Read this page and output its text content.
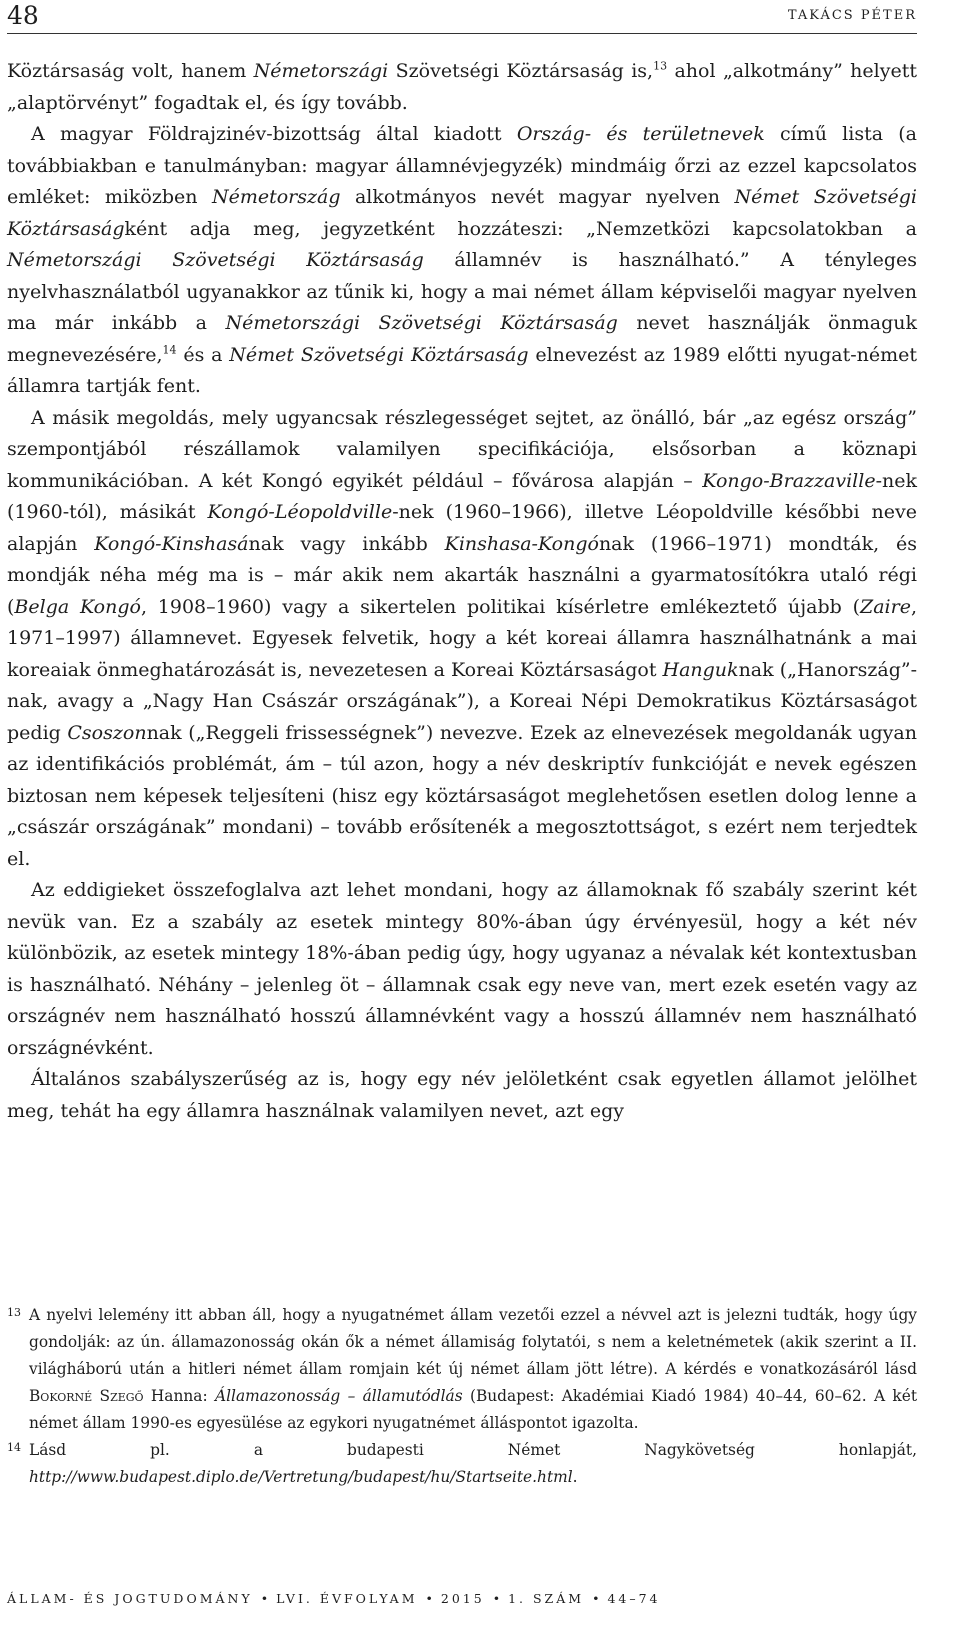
48	TAKÁCS PÉTER

Köztársaság volt, hanem Németországi Szövetségi Köztársaság is,$^{13}$ ahol „alkotmány” helyett „alaptörvényt” fogadtak el, és így tovább.

A magyar Földrajzinév-bizottság által kiadott Ország- és területnevek című lista (a továbbiakban e tanulmányban: magyar államnévjegyzék) mindmáig őrzi az ezzel kapcsolatos emléket: miközben Németország alkotmányos nevét magyar nyelven Német Szövetségi Köztársaságként adja meg, jegyzetként hozzáteszi: „Nemzetközi kapcsolatokban a Németországi Szövetségi Köztársaság államnév is használható.” A tényleges nyelvhasználatból ugyanakkor az tűnik ki, hogy a mai német állam képviselői magyar nyelven ma már inkább a Németországi Szövetségi Köztársaság nevet használják önmaguk megnevezésére,$^{14}$ és a Német Szövetségi Köztársaság elnevezést az 1989 előtti nyugat-német államra tartják fent.

A másik megoldás, mely ugyancsak részlegességet sejtet, az önálló, bár „az egész ország” szempontjából részállamok valamilyen specifikációja, elsősorban a köznapi kommunikációban. A két Kongó egyikét például – fővárosa alapján – Kongo-Brazzaville-nek (1960-tól), másikát Kongó-Léopoldville-nek (1960–1966), illetve Léopoldville későbbi neve alapján Kongó-Kinshasának vagy inkább Kinshasa-Kongónak (1966–1971) mondták, és mondják néha még ma is – már akik nem akarták használni a gyarmatosítókra utaló régi (Belga Kongó, 1908–1960) vagy a sikertelen politikai kísérletre emlékeztető újabb (Zaire, 1971–1997) államnevet. Egyesek felvetik, hogy a két koreai államra használhatnánk a mai koreaiak önmeghatározását is, nevezetesen a Koreai Köztársaságot Hanguknak („Hanország”-nak, avagy a „Nagy Han Császár országának”), a Koreai Népi Demokratikus Köztársaságot pedig Csoszonnak („Reggeli frissességnek”) nevezve. Ezek az elnevezések megoldanák ugyan az identifikációs problémát, ám – túl azon, hogy a név deskriptív funkcióját e nevek egészen biztosan nem képesek teljesíteni (hisz egy köztársaságot meglehetősen esetlen dolog lenne a „császár országának” mondani) – tovább erősítenék a megosztottságot, s ezért nem terjedtek el.

Az eddigieket összefoglalva azt lehet mondani, hogy az államoknak fő szabály szerint két nevük van. Ez a szabály az esetek mintegy 80%-ában úgy érvényesül, hogy a két név különbözik, az esetek mintegy 18%-ában pedig úgy, hogy ugyanaz a névalak két kontextusban is használható. Néhány – jelenleg öt – államnak csak egy neve van, mert ezek esetén vagy az országnév nem használható hosszú államnévként vagy a hosszú államnév nem használható országnévként.

Általános szabályszerűség az is, hogy egy név jelöletként csak egyetlen államot jelölhet meg, tehát ha egy államra használnak valamilyen nevet, azt egy

13 A nyelvi lelemény itt abban áll, hogy a nyugatnémet állam vezetői ezzel a névvel azt is jelezni tudták, hogy úgy gondolják: az ún. államazonosság okán ők a német államiság folytatói, s nem a keletnémetek (akik szerint a II. világháború után a hitleri német állam romjain két új német állam jött létre). A kérdés e vonatkozásáról lásd Bokorné Szegő Hanna: Államazonosság – államutódlás (Budapest: Akadémiai Kiadó 1984) 40–44, 60–62. A két német állam 1990-es egyesülése az egykori nyugatnémet álláspontot igazolta.

14 Lásd pl. a budapesti Német Nagykövetség honlapját, http://www.budapest.diplo.de/Vertretung/budapest/hu/Startseite.html.

ÁLLAM- ÉS JOGTUDOMÁNY • LVI. ÉVFOLYAM • 2015 • 1. SZÁM • 44–74
